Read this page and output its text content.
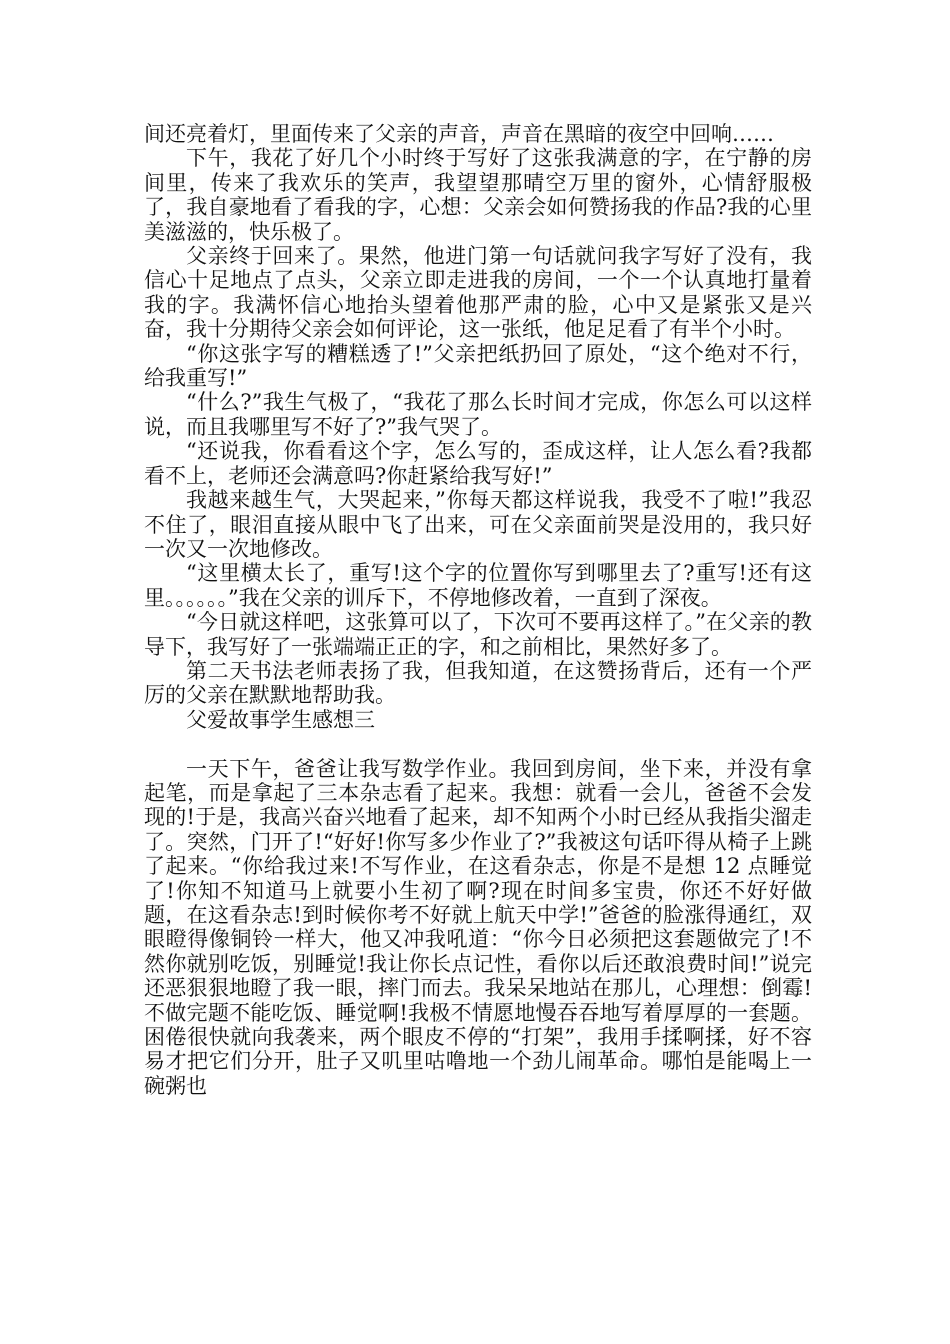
间还亮着灯，里面传来了父亲的声音，声音在黑暗的夜空中回响……

下午，我花了好几个小时终于写好了这张我满意的字，在宁静的房间里，传来了我欢乐的笑声，我望望那晴空万里的窗外，心情舒服极了，我自豪地看了看我的字，心想：父亲会如何赞扬我的作品?我的心里美滋滋的，快乐极了。

父亲终于回来了。果然，他进门第一句话就问我字写好了没有，我信心十足地点了点头，父亲立即走进我的房间，一个一个认真地打量着我的字。我满怀信心地抬头望着他那严肃的脸，心中又是紧张又是兴奋，我十分期待父亲会如何评论，这一张纸，他足足看了有半个小时。

“你这张字写的糟糕透了!”父亲把纸扔回了原处，“这个绝对不行，给我重写!”

“什么?”我生气极了，“我花了那么长时间才完成，你怎么可以这样说，而且我哪里写不好了?”我气哭了。

“还说我，你看看这个字，怎么写的，歪成这样，让人怎么看?我都看不上，老师还会满意吗?你赶紧给我写好!”

我越来越生气，大哭起来，”你每天都这样说我，我受不了啦!”我忍不住了，眼泪直接从眼中飞了出来，可在父亲面前哭是没用的，我只好一次又一次地修改。

“这里横太长了，重写!这个字的位置你写到哪里去了?重写!还有这里。。。。。。”我在父亲的训斥下，不停地修改着，一直到了深夜。

“今日就这样吧，这张算可以了，下次可不要再这样了。”在父亲的教导下，我写好了一张端端正正的字，和之前相比，果然好多了。

第二天书法老师表扬了我，但我知道，在这赞扬背后，还有一个严厉的父亲在默默地帮助我。

父爱故事学生感想三

一天下午，爸爸让我写数学作业。我回到房间，坐下来，并没有拿起笔，而是拿起了三本杂志看了起来。我想：就看一会儿，爸爸不会发现的!于是，我高兴奋兴地看了起来，却不知两个小时已经从我指尖溜走了。突然，门开了!“好好!你写多少作业了?”我被这句话吓得从椅子上跳了起来。“你给我过来!不写作业，在这看杂志，你是不是想 12 点睡觉了!你知不知道马上就要小生初了啊?现在时间多宝贵，你还不好好做题，在这看杂志!到时候你考不好就上航天中学!”爸爸的脸涨得通红，双眼瞪得像铜铃一样大，他又冲我吼道：“你今日必须把这套题做完了!不然你就别吃饭，别睡觉!我让你长点记性，看你以后还敢浪费时间!”说完还恶狠狠地瞪了我一眼，摔门而去。我呆呆地站在那儿，心理想：倒霉!不做完题不能吃饭、睡觉啊!我极不情愿地慢吞吞地写着厚厚的一套题。困倦很快就向我袭来，两个眼皮不停的“打架”，我用手揉啊揉，好不容易才把它们分开，肚子又叽里咕噜地一个劲儿闹革命。哪怕是能喝上一碗粥也
